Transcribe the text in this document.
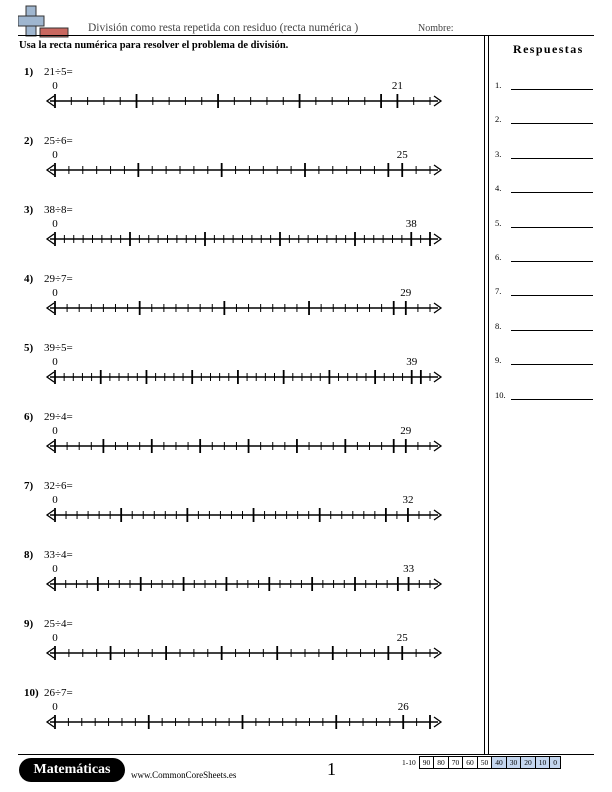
División como resta repetida con residuo (recta numérica )	Nombre:
Usa la recta numérica para resolver el problema de división.	Respuestas
1.
2.
3.
4.
5.
6.
7.
8.
9.
10.
1) 21÷5=
0	21
2) 25÷6=
0	25
3) 38÷8=
0	38
4) 29÷7=
0	29
5) 39÷5=
0	39
6) 29÷4=
0	29
7) 32÷6=
0	32
8) 33÷4=
0	33
9) 25÷4=
0	25
10) 26÷7=
0	26
Matemáticas	www.CommonCoreSheets.es	1	1-10 90 80 70 60 50 40 30 20 10 0
